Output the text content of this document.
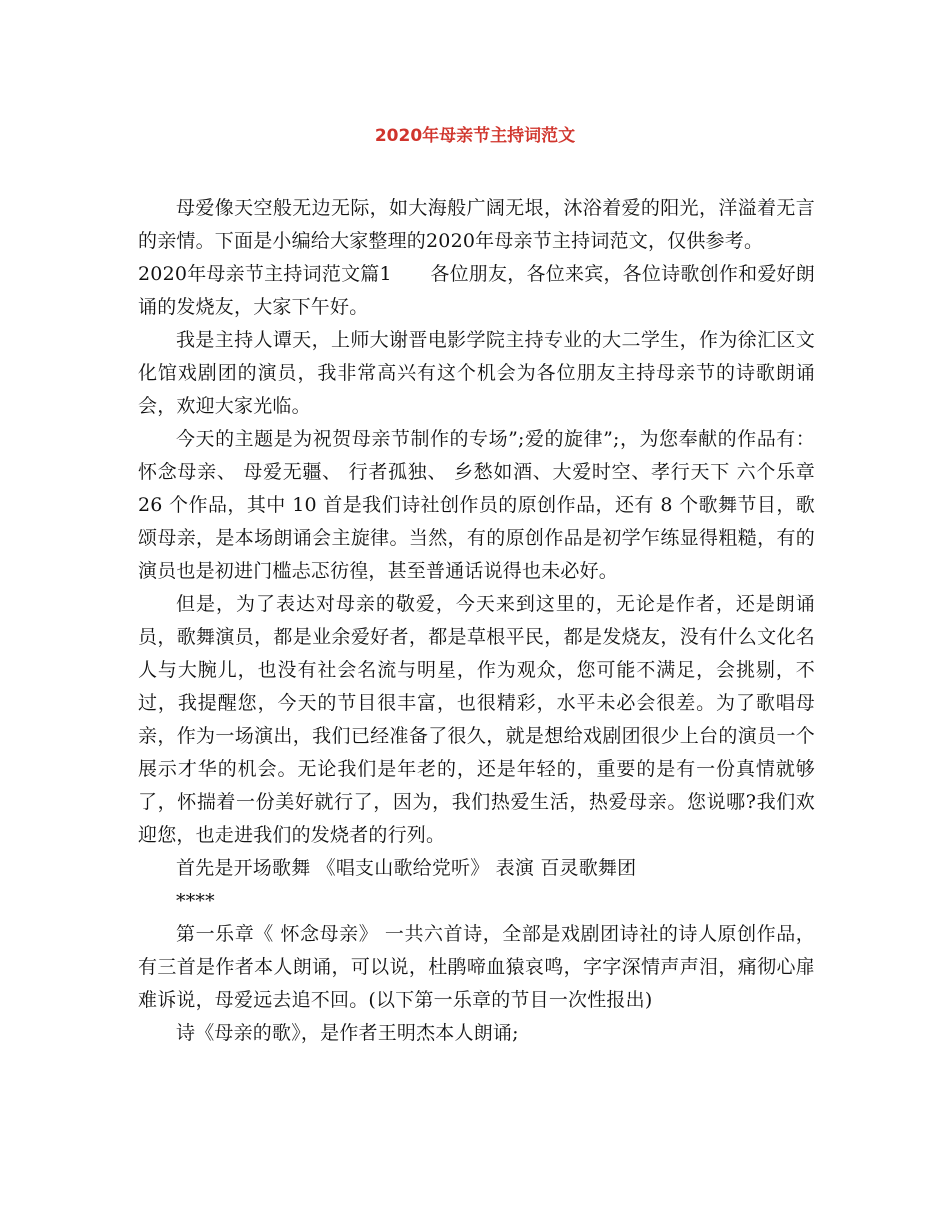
2020年母亲节主持词范文

母爱像天空般无边无际，如大海般广阔无垠，沐浴着爱的阳光，洋溢着无言的亲情。下面是小编给大家整理的2020年母亲节主持词范文，仅供参考。

2020年母亲节主持词范文篇1　　各位朋友，各位来宾，各位诗歌创作和爱好朗诵的发烧友，大家下午好。

我是主持人谭天，上师大谢晋电影学院主持专业的大二学生，作为徐汇区文化馆戏剧团的演员，我非常高兴有这个机会为各位朋友主持母亲节的诗歌朗诵会，欢迎大家光临。

今天的主题是为祝贺母亲节制作的专场”;爱的旋律”;，为您奉献的作品有：怀念母亲、 母爱无疆、 行者孤独、 乡愁如酒、大爱时空、孝行天下 六个乐章 26 个作品，其中 10 首是我们诗社创作员的原创作品，还有 8 个歌舞节目，歌颂母亲，是本场朗诵会主旋律。当然，有的原创作品是初学乍练显得粗糙，有的演员也是初进门槛忐忑彷徨，甚至普通话说得也未必好。

但是，为了表达对母亲的敬爱，今天来到这里的，无论是作者，还是朗诵员，歌舞演员，都是业余爱好者，都是草根平民，都是发烧友，没有什么文化名人与大腕儿，也没有社会名流与明星，作为观众，您可能不满足，会挑剔，不过，我提醒您，今天的节目很丰富，也很精彩，水平未必会很差。为了歌唱母亲，作为一场演出，我们已经准备了很久，就是想给戏剧团很少上台的演员一个展示才华的机会。无论我们是年老的，还是年轻的，重要的是有一份真情就够了，怀揣着一份美好就行了，因为，我们热爱生活，热爱母亲。您说哪?我们欢迎您，也走进我们的发烧者的行列。

首先是开场歌舞 《唱支山歌给党听》 表演 百灵歌舞团

****

第一乐章《 怀念母亲》 一共六首诗，全部是戏剧团诗社的诗人原创作品，有三首是作者本人朗诵，可以说，杜鹃啼血猿哀鸣，字字深情声声泪，痛彻心扉难诉说，母爱远去追不回。(以下第一乐章的节目一次性报出)

诗《母亲的歌》，是作者王明杰本人朗诵;
